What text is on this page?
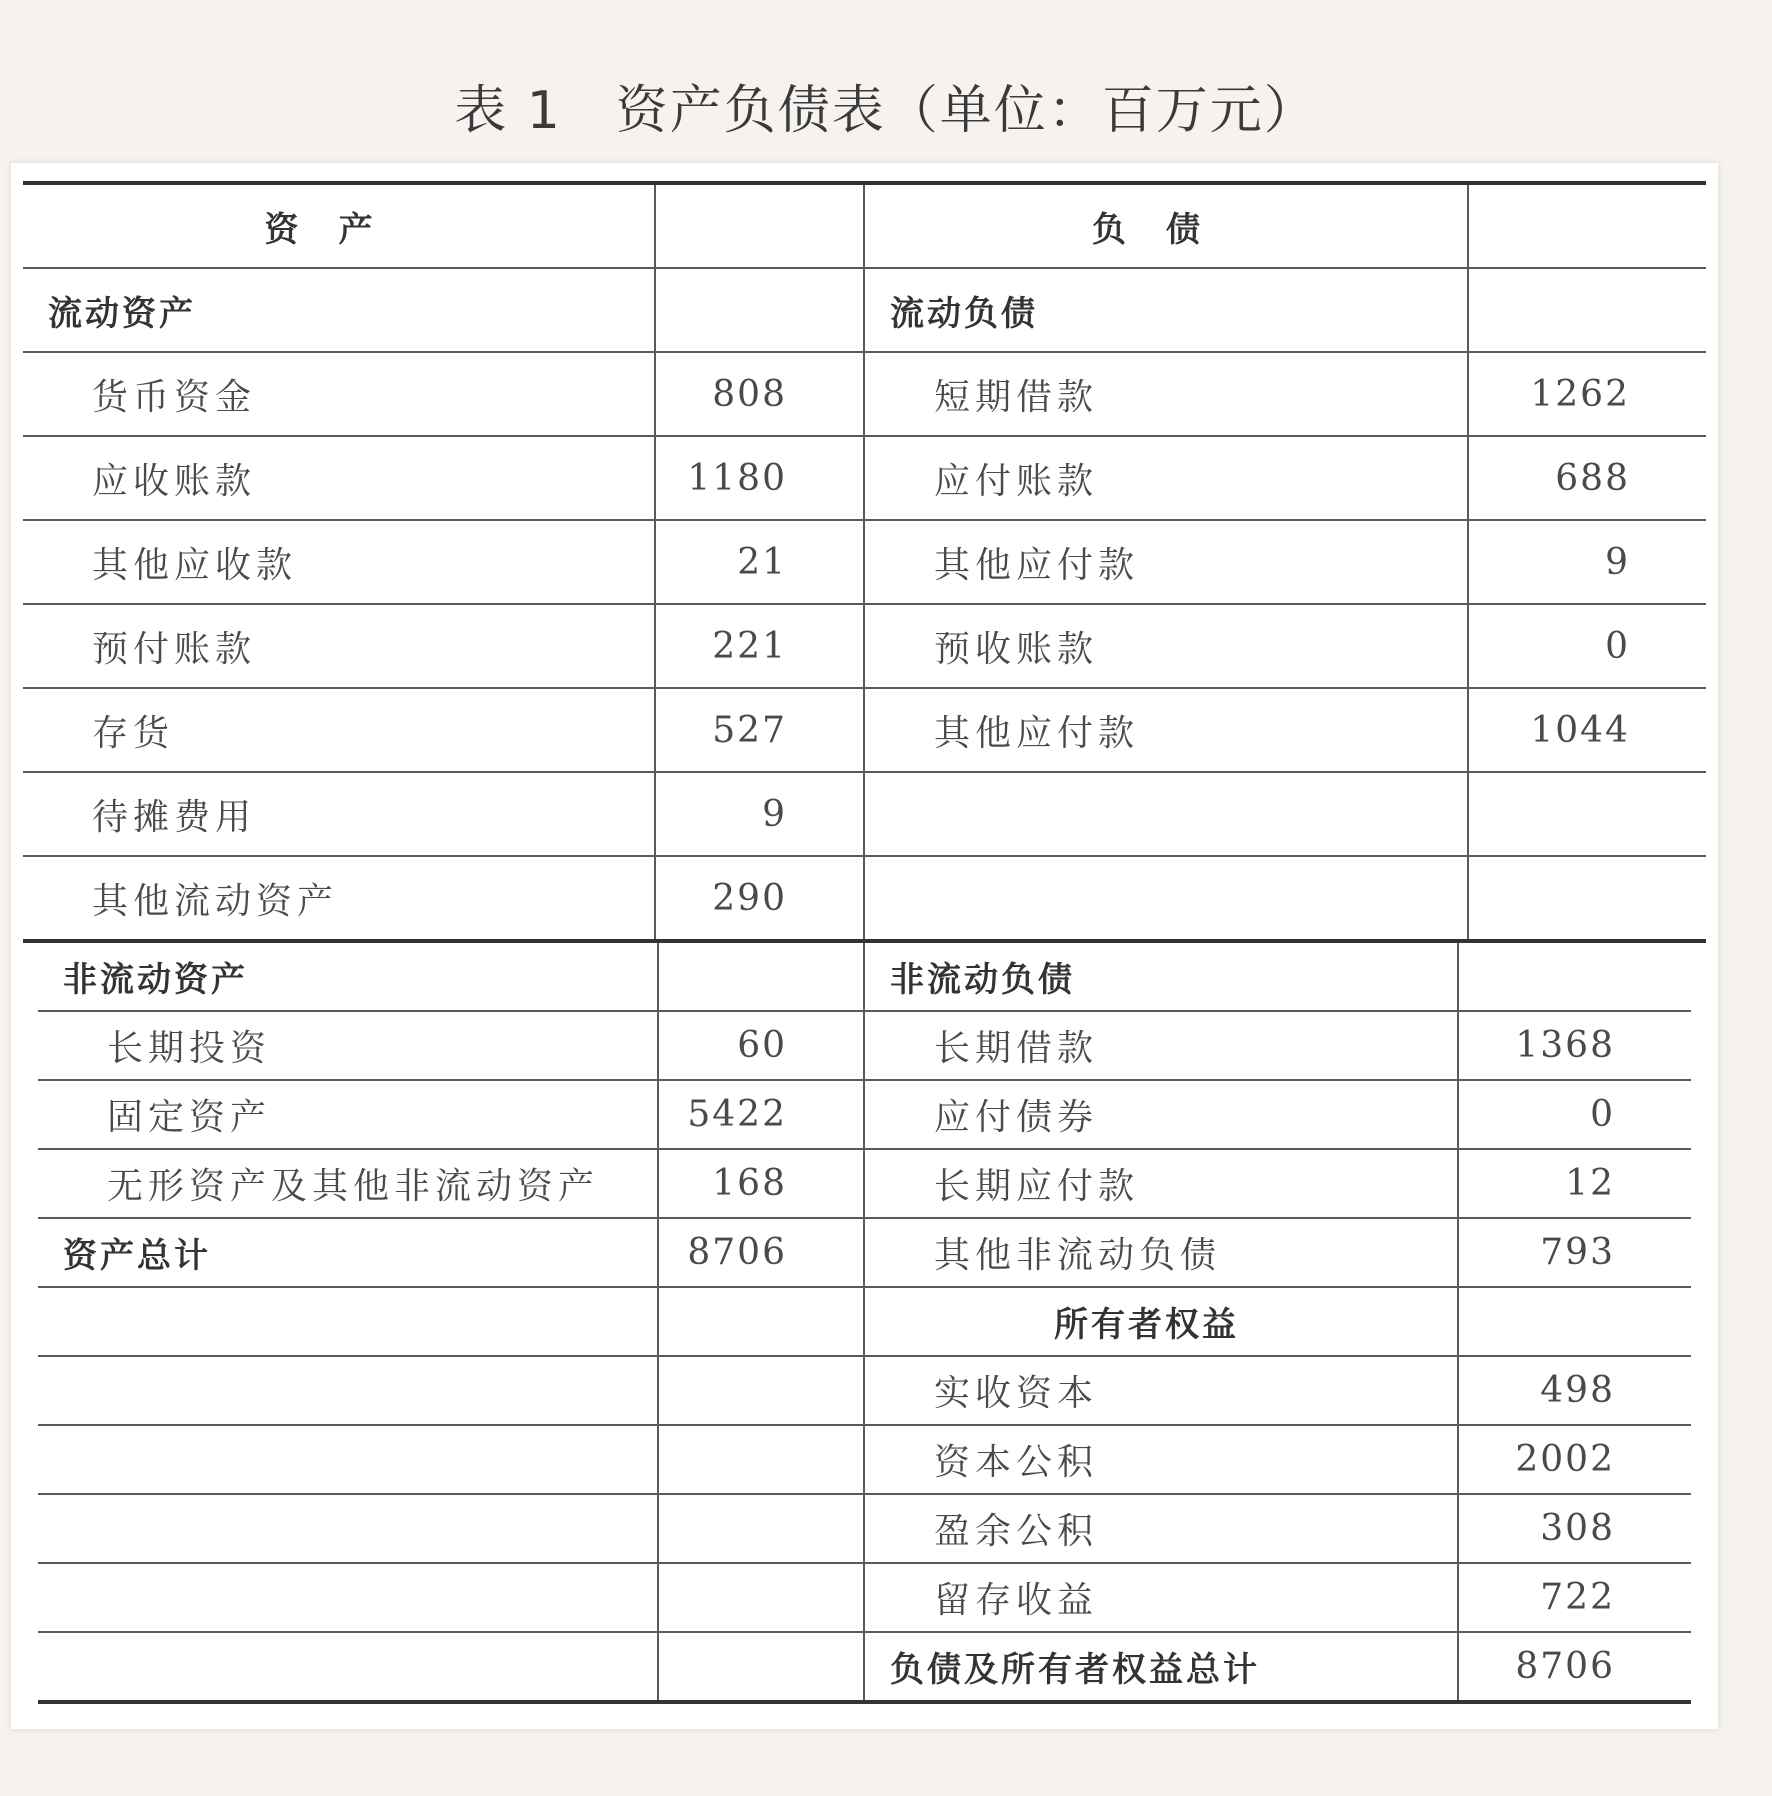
表 1　资产负债表（单位：百万元）
资产		负债	
流动资产		流动负债	
货币资金	808	短期借款	1262
应收账款	1180	应付账款	688
其他应收款	21	其他应付款	9
预付账款	221	预收账款	0
存货	527	其他应付款	1044
待摊费用	9		
其他流动资产	290		
非流动资产		非流动负债	
长期投资	60	长期借款	1368
固定资产	5422	应付债券	0
无形资产及其他非流动资产	168	长期应付款	12
资产总计	8706	其他非流动负债	793
		所有者权益	
		实收资本	498
		资本公积	2002
		盈余公积	308
		留存收益	722
		负债及所有者权益总计	8706
